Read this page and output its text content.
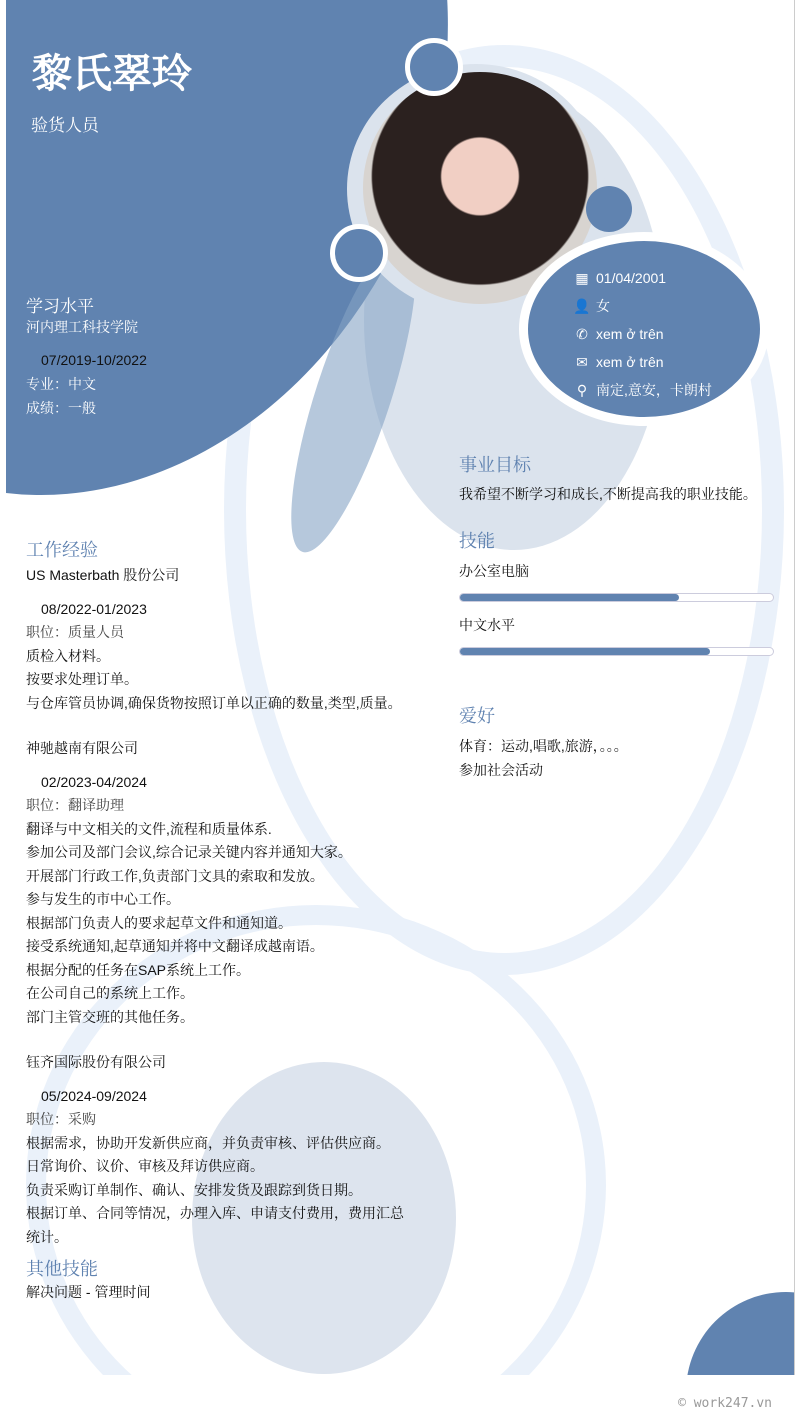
▦ 01/04/2001
👤 女
✆ xem ở trên
✉ xem ở trên
⚲ 南定,意安，卡朗村
黎氏翠玲
验货人员
学习水平
河内理工科技学院
07/2019-10/2022
专业：中文
成绩：一般
事业目标
我希望不断学习和成长,不断提高我的职业技能。
技能
办公室电脑
中文水平
爱好
体育：运动,唱歌,旅游，。。。
参加社会活动
工作经验
US Masterbath 股份公司
08/2022-01/2023
职位：质量人员
质检入材料。
按要求处理订单。
与仓库管员协调,确保货物按照订单以正确的数量,类型,质量。
神驰越南有限公司
02/2023-04/2024
职位：翻译助理
翻译与中文相关的文件,流程和质量体系.
参加公司及部门会议,综合记录关键内容并通知大家。
开展部门行政工作,负责部门文具的索取和发放。
参与发生的市中心工作。
根据部门负责人的要求起草文件和通知道。
接受系统通知,起草通知并将中文翻译成越南语。
根据分配的任务在SAP系统上工作。
在公司自己的系统上工作。
部门主管交班的其他任务。
钰齐国际股份有限公司
05/2024-09/2024
职位：采购
根据需求，协助开发新供应商，并负责审核、评估供应商。
日常询价、议价、审核及拜访供应商。
负责采购订单制作、确认、安排发货及跟踪到货日期。
根据订单、合同等情况，办理入库、申请支付费用，费用汇总统计。
其他技能
解决问题 - 管理时间
© work247.vn
